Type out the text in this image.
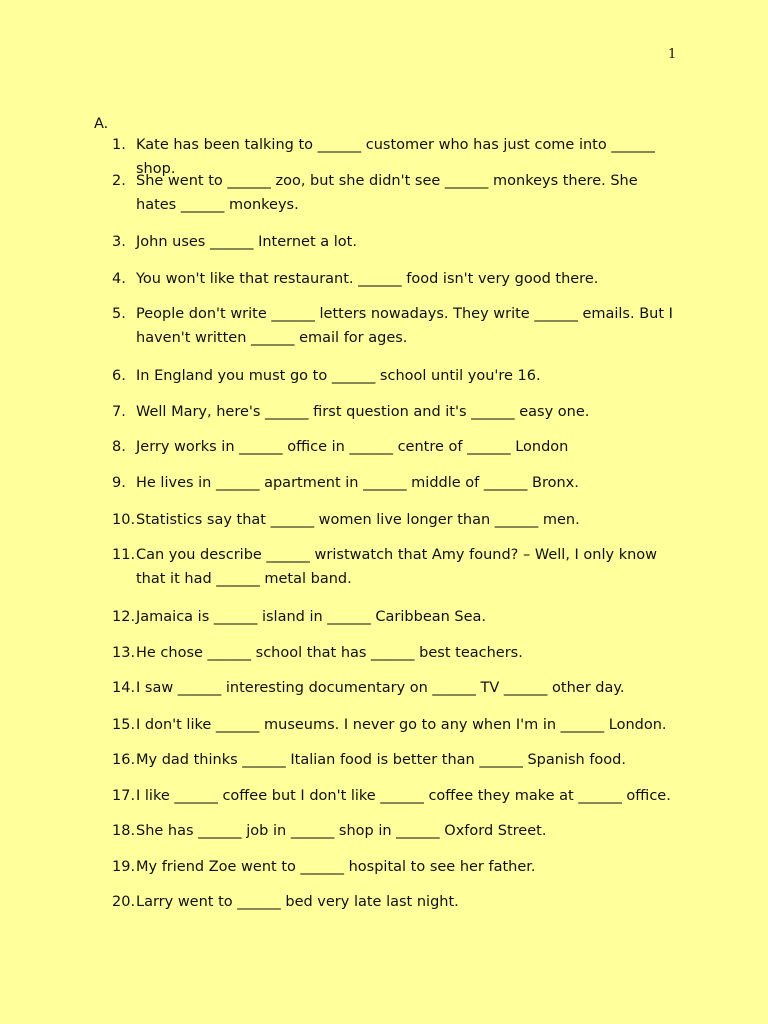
1
A.
1. Kate has been talking to ______ customer who has just come into ______ shop.
2. She went to ______ zoo, but she didn't see ______ monkeys there. She hates ______ monkeys.
3. John uses ______ Internet a lot.
4. You won't like that restaurant. ______ food isn't very good there.
5. People don't write ______ letters nowadays. They write ______ emails. But I haven't written ______ email for ages.
6. In England you must go to ______ school until you're 16.
7. Well Mary, here's ______ first question and it's ______ easy one.
8. Jerry works in ______ office in ______ centre of ______ London
9. He lives in ______ apartment in ______ middle of ______ Bronx.
10. Statistics say that ______ women live longer than ______ men.
11. Can you describe ______ wristwatch that Amy found? – Well, I only know that it had ______ metal band.
12. Jamaica is ______ island in ______ Caribbean Sea.
13. He chose ______ school that has ______ best teachers.
14. I saw ______ interesting documentary on ______ TV ______ other day.
15. I don't like ______ museums. I never go to any when I'm in ______ London.
16. My dad thinks ______ Italian food is better than ______ Spanish food.
17. I like ______ coffee but I don't like ______ coffee they make at ______ office.
18. She has ______ job in ______ shop in ______ Oxford Street.
19. My friend Zoe went to ______ hospital to see her father.
20. Larry went to ______ bed very late last night.
